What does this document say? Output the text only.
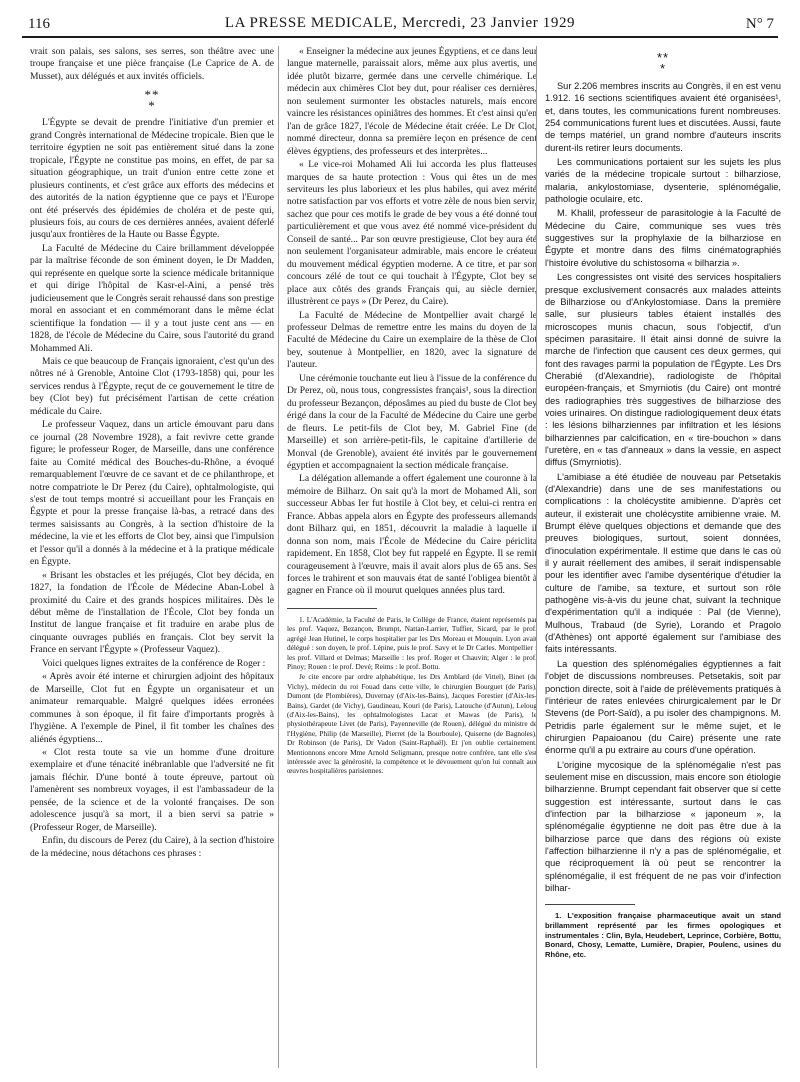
116	LA PRESSE MEDICALE, Mercredi, 23 Janvier 1929	N° 7

vrait son palais, ses salons, ses serres, son théâtre avec une troupe française et une pièce française (Le Caprice de A. de Musset), aux délégués et aux invités officiels.

**
*

L'Égypte se devait de prendre l'initiative d'un premier et grand Congrès international de Médecine tropicale. Bien que le territoire égyptien ne soit pas entièrement situé dans la zone tropicale, l'Égypte ne constitue pas moins, en effet, de par sa situation géographique, un trait d'union entre cette zone et plusieurs continents, et c'est grâce aux efforts des médecins et des autorités de la nation égyptienne que ce pays et l'Europe ont été préservés des épidémies de choléra et de peste qui, plusieurs fois, au cours de ces dernières années, avaient déferlé jusqu'aux frontières de la Haute ou Basse Égypte.

La Faculté de Médecine du Caire brillamment développée par la maîtrise féconde de son éminent doyen, le Dr Madden, qui représente en quelque sorte la science médicale britannique et qui dirige l'hôpital de Kasr-el-Aini, a pensé très judicieusement que le Congrès serait rehaussé dans son prestige moral en associant et en commémorant dans le même éclat scientifique la fondation — il y a tout juste cent ans — en 1828, de l'école de Médecine du Caire, sous l'autorité du grand Mohammed Ali.

Mais ce que beaucoup de Français ignoraient, c'est qu'un des nôtres né à Grenoble, Antoine Clot (1793-1858) qui, pour les services rendus à l'Égypte, reçut de ce gouvernement le titre de bey (Clot bey) fut précisément l'artisan de cette création médicale du Caire.

Le professeur Vaquez, dans un article émouvant paru dans ce journal (28 Novembre 1928), a fait revivre cette grande figure; le professeur Roger, de Marseille, dans une conférence faite au Comité médical des Bouches-du-Rhône, a évoqué remarquablement l'œuvre de ce savant et de ce philanthrope, et notre compatriote le Dr Perez (du Caire), ophtalmologiste, qui s'est de tout temps montré si accueillant pour les Français en Égypte et pour la presse française là-bas, a retracé dans des termes saisissants au Congrès, à la section d'histoire de la médecine, la vie et les efforts de Clot bey, ainsi que l'impulsion et l'essor qu'il a donnés à la médecine et à la pratique médicale en Égypte.

« Brisant les obstacles et les préjugés, Clot bey décida, en 1827, la fondation de l'École de Médecine Aban-Lobel à proximité du Caire et des grands hospices militaires. Dès le début même de l'installation de l'École, Clot bey fonda un Institut de langue française et fit traduire en arabe plus de cinquante ouvrages publiés en français. Clot bey servit la France en servant l'Égypte » (Professeur Vaquez).

Voici quelques lignes extraites de la conférence de Roger :

« Après avoir été interne et chirurgien adjoint des hôpitaux de Marseille, Clot fut en Égypte un organisateur et un animateur remarquable. Malgré quelques idées erronées communes à son époque, il fit faire d'importants progrès à l'hygiène. A l'exemple de Pinel, il fit tomber les chaînes des aliénés égyptiens...

« Clot resta toute sa vie un homme d'une droiture exemplaire et d'une ténacité inébranlable que l'adversité ne fit jamais fléchir. D'une bonté à toute épreuve, partout où l'amenèrent ses nombreux voyages, il est l'ambassadeur de la pensée, de la science et de la volonté françaises. De son adolescence jusqu'à sa mort, il a bien servi sa patrie » (Professeur Roger, de Marseille).

Enfin, du discours de Perez (du Caire), à la section d'histoire de la médecine, nous détachons ces phrases :

« Enseigner la médecine aux jeunes Égyptiens, et ce dans leur langue maternelle, paraissait alors, même aux plus avertis, une idée plutôt bizarre, germée dans une cervelle chimérique. Le médecin aux chimères Clot bey dut, pour réaliser ces dernières, non seulement surmonter les obstacles naturels, mais encore vaincre les résistances opiniâtres des hommes. Et c'est ainsi qu'en l'an de grâce 1827, l'école de Médecine était créée. Le Dr Clot, nommé directeur, donna sa première leçon en présence de cent élèves égyptiens, des professeurs et des interprètes...

« Le vice-roi Mohamed Ali lui accorda les plus flatteuses marques de sa haute protection : Vous qui êtes un de mes serviteurs les plus laborieux et les plus habiles, qui avez mérité notre satisfaction par vos efforts et votre zèle de nous bien servir, sachez que pour ces motifs le grade de bey vous a été donné tout particulièrement et que vous avez été nommé vice-président du Conseil de santé... Par son œuvre prestigieuse, Clot bey aura été non seulement l'organisateur admirable, mais encore le créateur du mouvement médical égyptien moderne. A ce titre, et par son concours zélé de tout ce qui touchait à l'Égypte, Clot bey se place aux côtés des grands Français qui, au siècle dernier, illustrèrent ce pays » (Dr Perez, du Caire).

La Faculté de Médecine de Montpellier avait chargé le professeur Delmas de remettre entre les mains du doyen de la Faculté de Médecine du Caire un exemplaire de la thèse de Clot bey, soutenue à Montpellier, en 1820, avec la signature de l'auteur.

Une cérémonie touchante eut lieu à l'issue de la conférence du Dr Perez, où, nous tous, congressistes français¹, sous la direction du professeur Bezançon, déposâmes au pied du buste de Clot bey érigé dans la cour de la Faculté de Médecine du Caire une gerbe de fleurs. Le petit-fils de Clot bey, M. Gabriel Fine (de Marseille) et son arrière-petit-fils, le capitaine d'artillerie de Monval (de Grenoble), avaient été invités par le gouvernement égyptien et accompagnaient la section médicale française.

La délégation allemande a offert également une couronne à la mémoire de Bilharz. On sait qu'à la mort de Mohamed Ali, son successeur Abbas Ier fut hostile à Clot bey, et celui-ci rentra en France. Abbas appela alors en Égypte des professeurs allemands dont Bilharz qui, en 1851, découvrit la maladie à laquelle il donna son nom, mais l'École de Médecine du Caire périclita rapidement. En 1858, Clot bey fut rappelé en Égypte. Il se remit courageusement à l'œuvre, mais il avait alors plus de 65 ans. Ses forces le trahirent et son mauvais état de santé l'obligea bientôt à gagner en France où il mourut quelques années plus tard.

1. L'Académie, la Faculté de Paris, le Collège de France, étaient représentés par les prof. Vaquez, Bezançon, Brumpt, Nattan-Larrier, Tuffier, Sicard, par le prof. agrégé Jean Hutinel, le corps hospitalier par les Drs Moreau et Mouquin. Lyon avait délégué : son doyen, le prof. Lépine, puis le prof. Savy et le Dr Carles. Montpellier : les prof. Villard et Delmas; Marseille : les prof. Roger et Chauvin; Alger : le prof. Pinoy; Rouen : le prof. Devé; Reims : le prof. Bottu.

Je cite encore par ordre alphabétique, les Drs Amblard (de Vittel), Binet (de Vichy), médecin du roi Fouad dans cette ville, le chirurgien Bourguet (de Paris), Dumont (de Plombières), Duvernay (d'Aix-les-Bains), Jacques Forestier (d'Aix-les-Bains), Gardet (de Vichy), Gaudineau, Kouri (de Paris), Latouche (d'Autun), Leloug (d'Aix-les-Bains), les ophtalmologistes Lacat et Mawas (de Paris), le physiothérapeute Livet (de Paris), Payenneville (de Rouen), délégué du ministre de l'Hygiène, Philip (de Marseille), Pierret (de la Bourboule), Quiserne (de Bagnoles), Dr Robinson (de Paris), Dr Vadon (Saint-Raphaël). Et j'en oublie certainement. Mentionnons encore Mme Arnold Seligmann, presque notre confrère, tant elle s'est intéressée avec la générosité, la compétence et le dévouement qu'on lui connaît aux œuvres hospitalières parisiennes.

**
*

Sur 2.206 membres inscrits au Congrès, il en est venu 1.912. 16 sections scientifiques avaient été organisées¹, et, dans toutes, les communications furent nombreuses. 254 communications furent lues et discutées. Aussi, faute de temps matériel, un grand nombre d'auteurs inscrits durent-ils retirer leurs documents.

Les communications portaient sur les sujets les plus variés de la médecine tropicale surtout : bilharziose, malaria, ankylostomiase, dysenterie, splénomégalie, pathologie oculaire, etc.

M. Khalil, professeur de parasitologie à la Faculté de Médecine du Caire, communique ses vues très suggestives sur la prophylaxie de la bilharziose en Égypte et montre dans des films cinématographiés l'histoire évolutive du schistosoma « bilharzia ».

Les congressistes ont visité des services hospitaliers presque exclusivement consacrés aux malades atteints de Bilharziose ou d'Ankylostomiase. Dans la première salle, sur plusieurs tables étaient installés des microscopes munis chacun, sous l'objectif, d'un spécimen parasitaire. Il était ainsi donné de suivre la marche de l'infection que causent ces deux germes, qui font des ravages parmi la population de l'Égypte. Les Drs Cherabié (d'Alexandrie), radiologiste de l'hôpital européen-français, et Smyrniotis (du Caire) ont montré des radiographies très suggestives de bilharziose des voies urinaires. On distingue radiologiquement deux états : les lésions bilharziennes par infiltration et les lésions bilharziennes par calcification, en « tire-bouchon » dans l'uretère, en « tas d'anneaux » dans la vessie, en aspect diffus (Smyrniotis).

L'amibiase a été étudiée de nouveau par Petsetakis (d'Alexandrie) dans une de ses manifestations ou complications : la cholécystite amibienne. D'après cet auteur, il existerait une cholécystite amibienne vraie. M. Brumpt élève quelques objections et demande que des preuves biologiques, surtout, soient données, d'inoculation expérimentale. Il estime que dans le cas où il y aurait réellement des amibes, il serait indispensable pour les identifier avec l'amibe dysentérique d'étudier la culture de l'amibe, sa texture, et surtout son rôle pathogène vis-à-vis du jeune chat, suivant la technique d'expérimentation qu'il a indiquée : Pal (de Vienne), Mulhous, Trabaud (de Syrie), Lorando et Pragolo (d'Athènes) ont apporté également sur l'amibiase des faits intéressants.

La question des splénomégalies égyptiennes a fait l'objet de discussions nombreuses. Petsetakis, soit par ponction directe, soit à l'aide de prélèvements pratiqués à l'intérieur de rates enlevées chirurgicalement par le Dr Stevens (de Port-Saïd), a pu isoler des champignons. M. Petridis parle également sur le même sujet, et le chirurgien Papaioanou (du Caire) présente une rate énorme qu'il a pu extraire au cours d'une opération.

L'origine mycosique de la splénomégalie n'est pas seulement mise en discussion, mais encore son étiologie bilharzienne. Brumpt cependant fait observer que si cette suggestion est intéressante, surtout dans le cas d'infection par la bilharziose « japoneum », la splénomégalie égyptienne ne doit pas être due à la bilharziose parce que dans des régions où existe l'affection bilharzienne il n'y a pas de splénomégalie, et que réciproquement là où peut se rencontrer la splénomégalie, il est fréquent de ne pas voir d'infection bilhar-

1. L'exposition française pharmaceutique avait un stand brillamment représenté par les firmes opologiques et instrumentales : Clin, Byla, Heudebert, Leprince, Corbière, Bottu, Bonard, Chosy, Lematte, Lumière, Drapier, Poulenc, usines du Rhône, etc.
